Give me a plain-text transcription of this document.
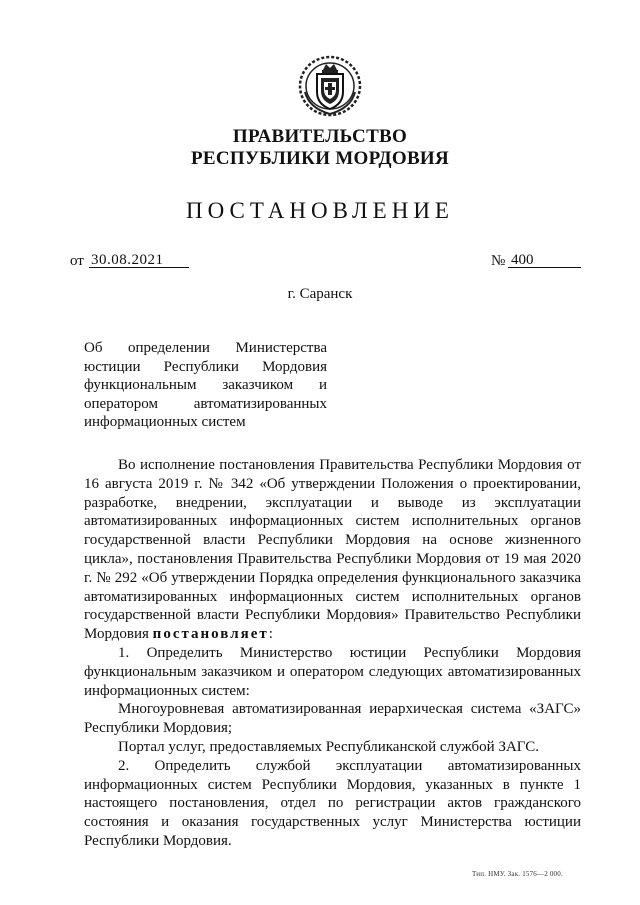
ПРАВИТЕЛЬСТВО
РЕСПУБЛИКИ МОРДОВИЯ
ПОСТАНОВЛЕНИЕ
от 30.08.2021	№ 400
г. Саранск
Об определении Министерства юстиции Республики Мордовия функциональным заказчиком и оператором автоматизированных информационных систем

Во исполнение постановления Правительства Республики Мордовия от 16 августа 2019 г. № 342 «Об утверждении Положения о проектировании, разработке, внедрении, эксплуатации и выводе из эксплуатации автоматизированных информационных систем исполнительных органов государственной власти Республики Мордовия на основе жизненного цикла», постановления Правительства Республики Мордовия от 19 мая 2020 г. № 292 «Об утверждении Порядка определения функционального заказчика автоматизированных информационных систем исполнительных органов государственной власти Республики Мордовия» Правительство Республики Мордовия постановляет:

1. Определить Министерство юстиции Республики Мордовия функциональным заказчиком и оператором следующих автоматизированных информационных систем:

Многоуровневая автоматизированная иерархическая система «ЗАГС» Республики Мордовия;

Портал услуг, предоставляемых Республиканской службой ЗАГС.

2. Определить службой эксплуатации автоматизированных информационных систем Республики Мордовия, указанных в пункте 1 настоящего постановления, отдел по регистрации актов гражданского состояния и оказания государственных услуг Министерства юстиции Республики Мордовия.

Тип. НМУ. Зак. 1576—2 000.
